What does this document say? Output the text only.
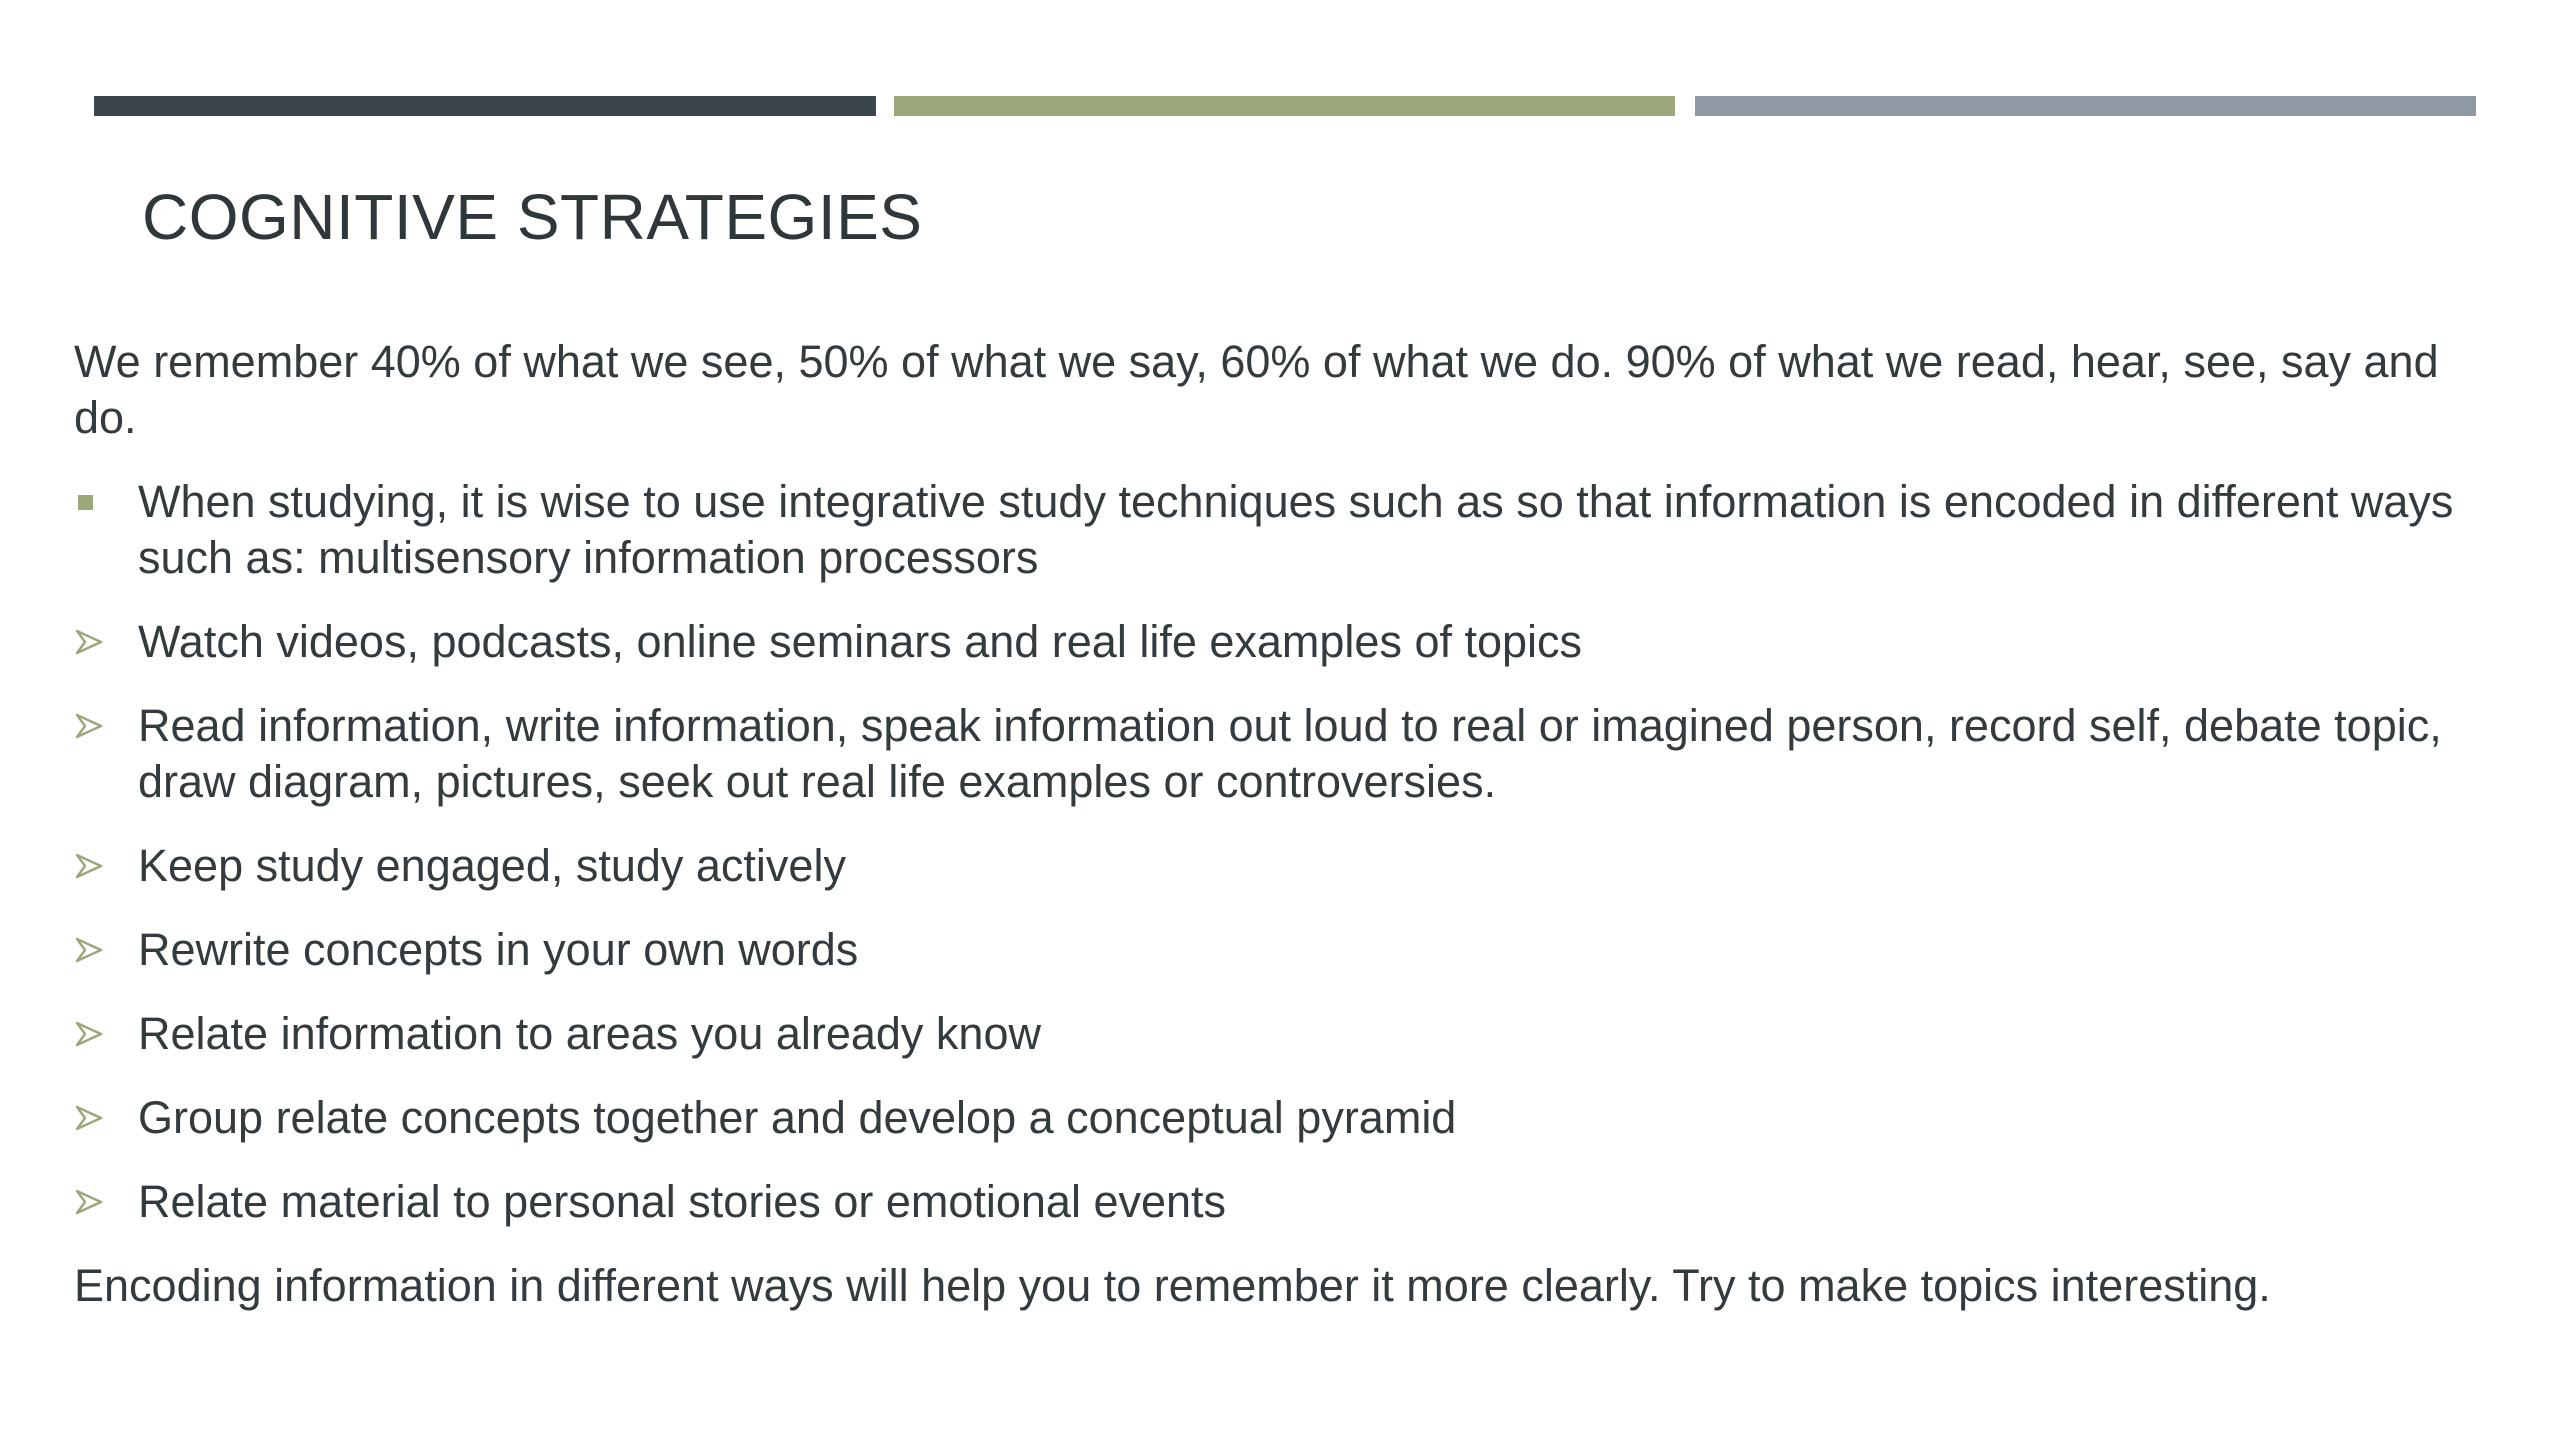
COGNITIVE STRATEGIES

We remember 40% of what we see, 50% of what we say, 60% of what we do. 90% of what we read, hear, see, say and do.

When studying, it is wise to use integrative study techniques such as so that information is encoded in different ways such as: multisensory information processors
Watch videos, podcasts, online seminars and real life examples of topics
Read information, write information, speak information out loud to real or imagined person, record self, debate topic, draw diagram, pictures, seek out real life examples or controversies.
Keep study engaged, study actively
Rewrite concepts in your own words
Relate information to areas you already know
Group relate concepts together and develop a conceptual pyramid
Relate material to personal stories or emotional events

Encoding information in different ways will help you to remember it more clearly. Try to make topics interesting.
